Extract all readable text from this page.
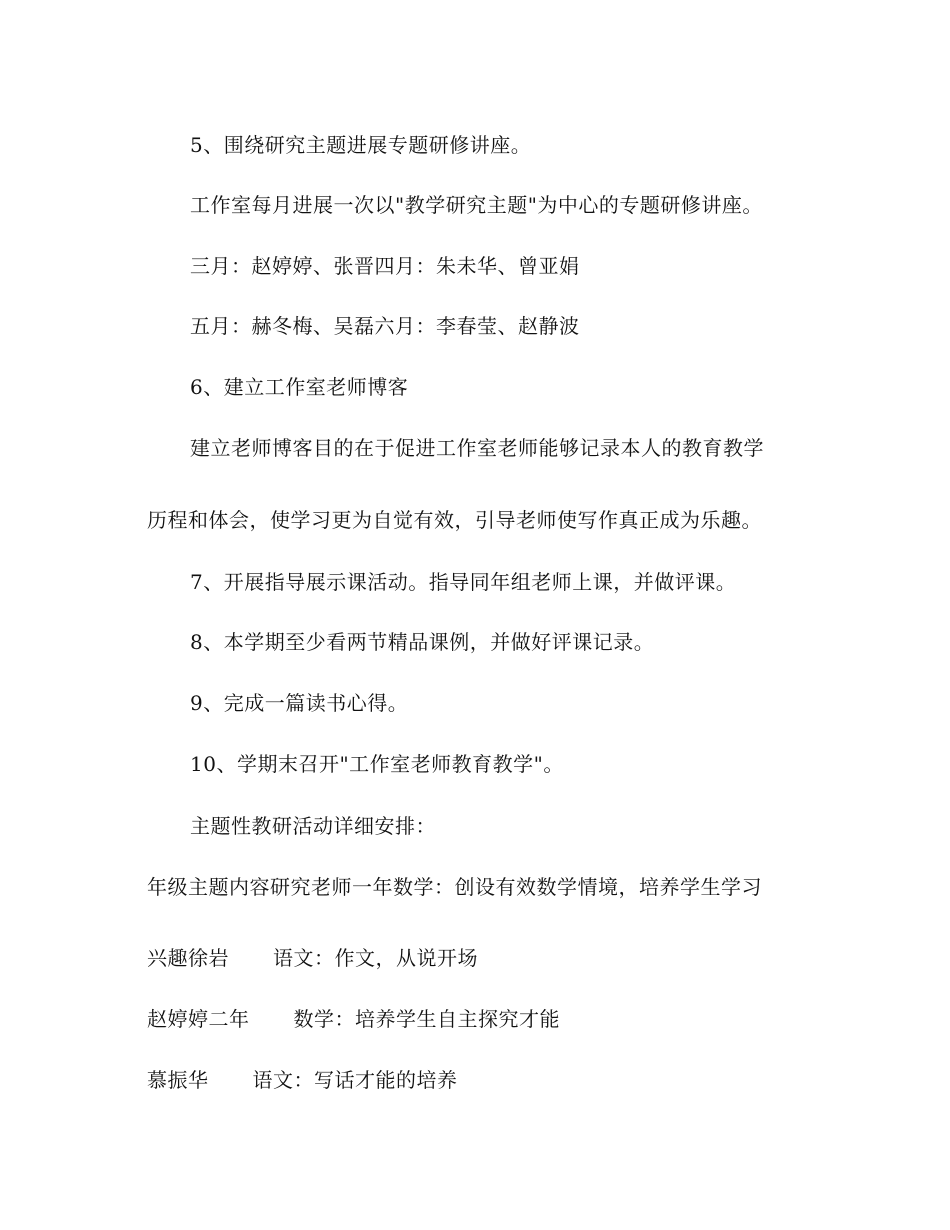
5、围绕研究主题进展专题研修讲座。
工作室每月进展一次以"教学研究主题"为中心的专题研修讲座。
三月：赵婷婷、张晋四月：朱未华、曾亚娟
五月：赫冬梅、吴磊六月：李春莹、赵静波
6、建立工作室老师博客
建立老师博客目的在于促进工作室老师能够记录本人的教育教学
历程和体会，使学习更为自觉有效，引导老师使写作真正成为乐趣。
7、开展指导展示课活动。指导同年组老师上课，并做评课。
8、本学期至少看两节精品课例，并做好评课记录。
9、完成一篇读书心得。
10、学期末召开"工作室老师教育教学"。
主题性教研活动详细安排：
年级主题内容研究老师一年数学：创设有效数学情境，培养学生学习
兴趣徐岩 语文：作文，从说开场
赵婷婷二年 数学：培养学生自主探究才能
慕振华 语文：写话才能的培养
